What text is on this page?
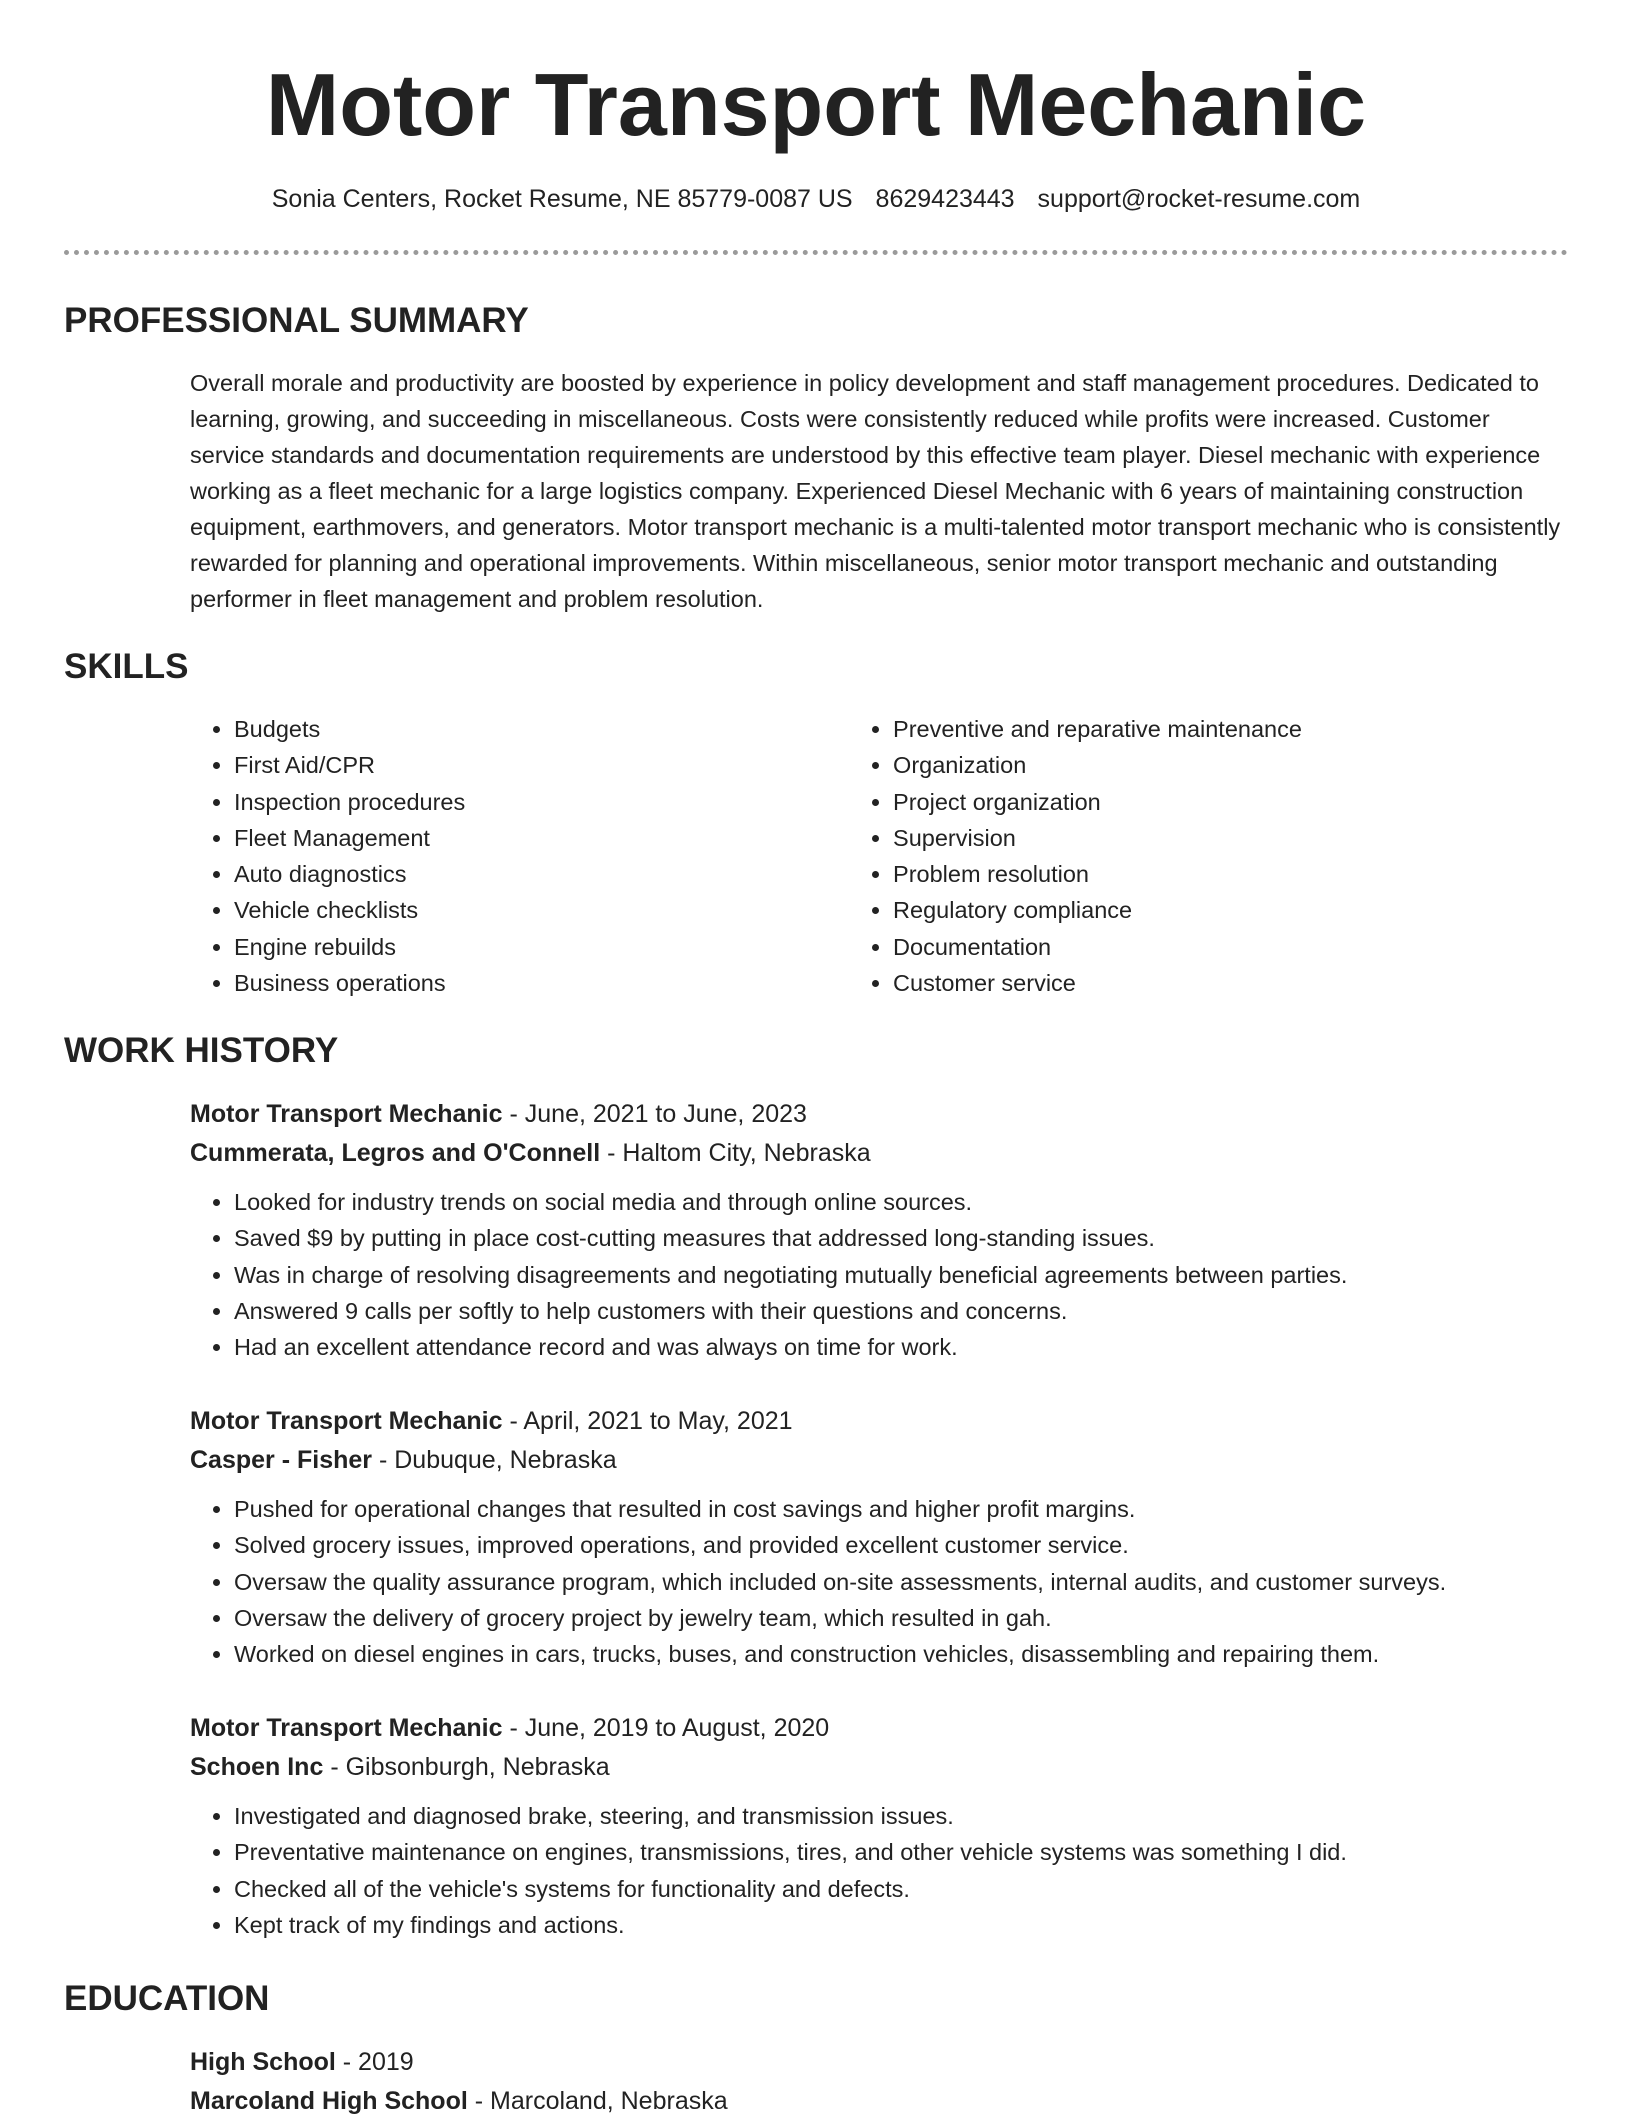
Motor Transport Mechanic
Sonia Centers, Rocket Resume, NE 85779-0087 US 8629423443 support@rocket-resume.com
PROFESSIONAL SUMMARY

Overall morale and productivity are boosted by experience in policy development and staff management procedures. Dedicated to learning, growing, and succeeding in miscellaneous. Costs were consistently reduced while profits were increased. Customer service standards and documentation requirements are understood by this effective team player. Diesel mechanic with experience working as a fleet mechanic for a large logistics company. Experienced Diesel Mechanic with 6 years of maintaining construction equipment, earthmovers, and generators. Motor transport mechanic is a multi-talented motor transport mechanic who is consistently rewarded for planning and operational improvements. Within miscellaneous, senior motor transport mechanic and outstanding performer in fleet management and problem resolution.

SKILLS
• Budgets
• First Aid/CPR
• Inspection procedures
• Fleet Management
• Auto diagnostics
• Vehicle checklists
• Engine rebuilds
• Business operations
• Preventive and reparative maintenance
• Organization
• Project organization
• Supervision
• Problem resolution
• Regulatory compliance
• Documentation
• Customer service
WORK HISTORY

Motor Transport Mechanic - June, 2021 to June, 2023

Cummerata, Legros and O'Connell - Haltom City, Nebraska

• Looked for industry trends on social media and through online sources.
• Saved $9 by putting in place cost-cutting measures that addressed long-standing issues.
• Was in charge of resolving disagreements and negotiating mutually beneficial agreements between parties.
• Answered 9 calls per softly to help customers with their questions and concerns.
• Had an excellent attendance record and was always on time for work.

Motor Transport Mechanic - April, 2021 to May, 2021

Casper - Fisher - Dubuque, Nebraska

• Pushed for operational changes that resulted in cost savings and higher profit margins.
• Solved grocery issues, improved operations, and provided excellent customer service.
• Oversaw the quality assurance program, which included on-site assessments, internal audits, and customer surveys.
• Oversaw the delivery of grocery project by jewelry team, which resulted in gah.
• Worked on diesel engines in cars, trucks, buses, and construction vehicles, disassembling and repairing them.

Motor Transport Mechanic - June, 2019 to August, 2020

Schoen Inc - Gibsonburgh, Nebraska

• Investigated and diagnosed brake, steering, and transmission issues.
• Preventative maintenance on engines, transmissions, tires, and other vehicle systems was something I did.
• Checked all of the vehicle's systems for functionality and defects.
• Kept track of my findings and actions.
EDUCATION

High School - 2019

Marcoland High School - Marcoland, Nebraska
